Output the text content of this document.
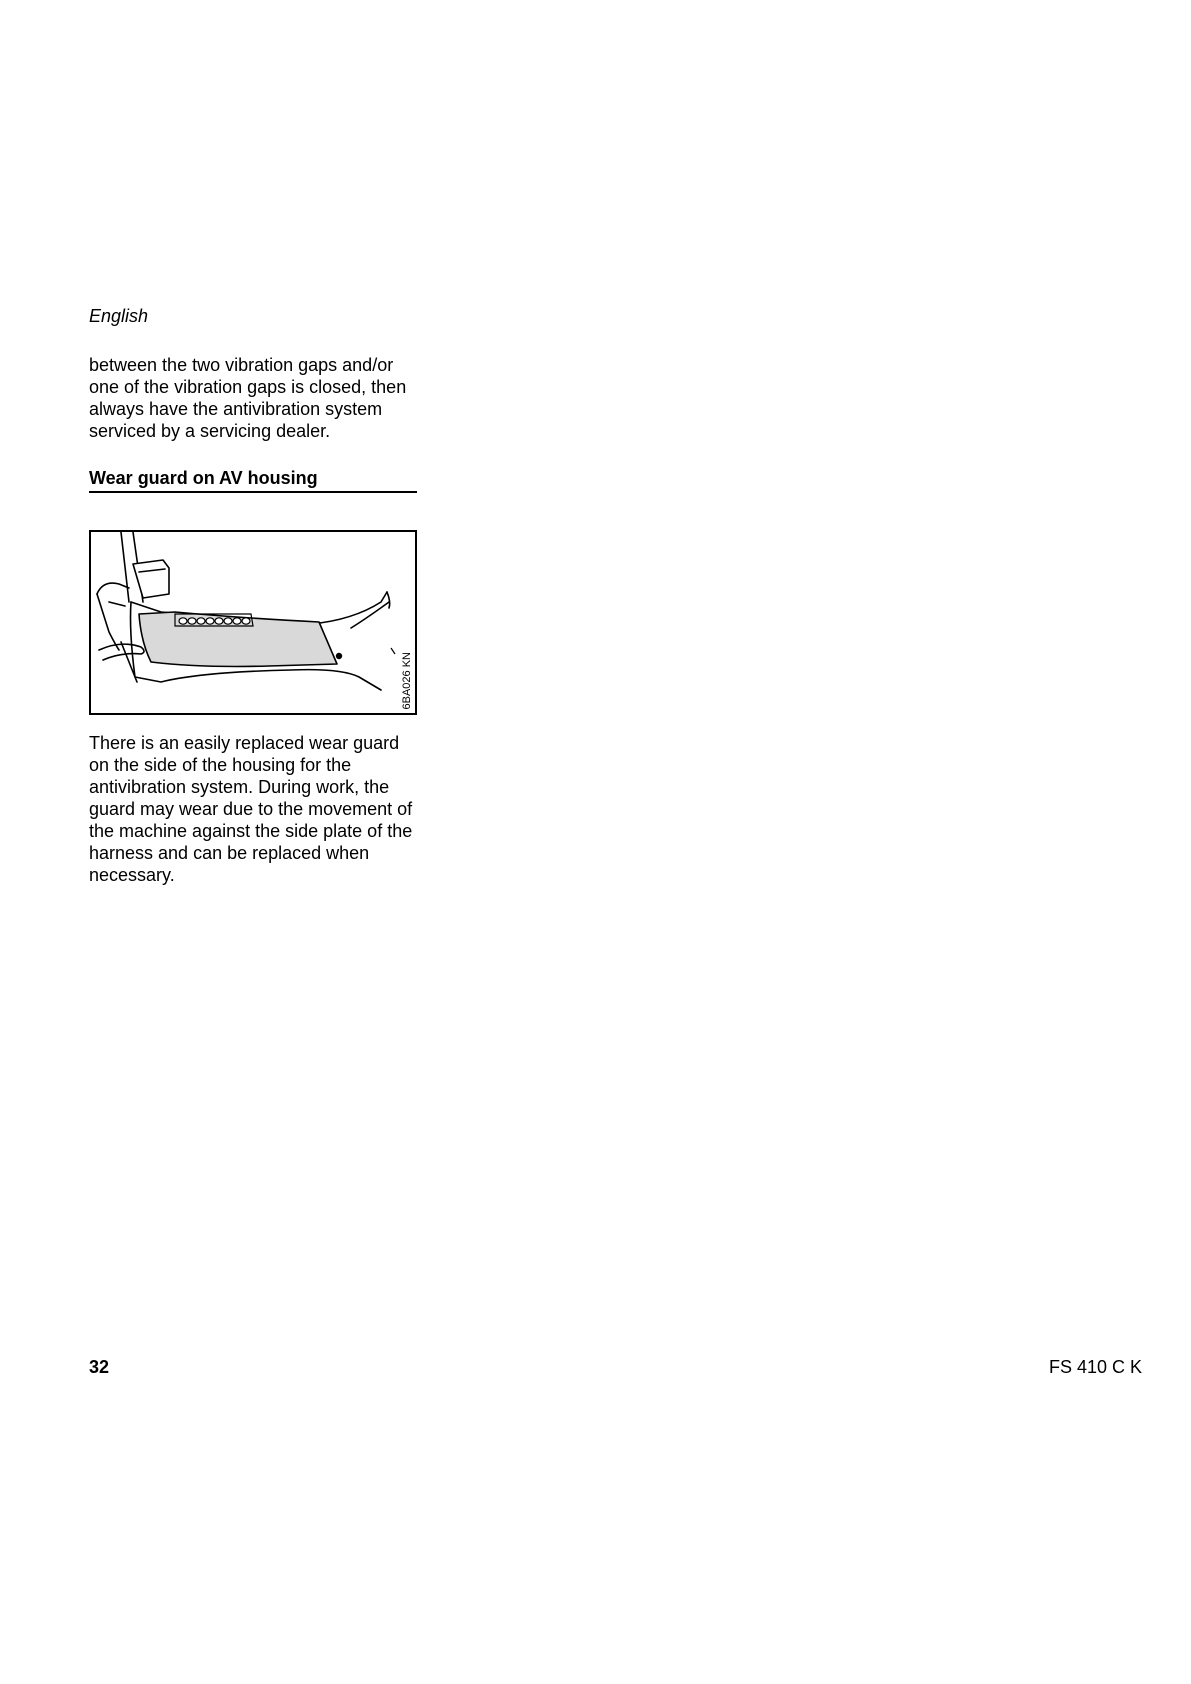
English

between the two vibration gaps and/or one of the vibration gaps is closed, then always have the antivibration system serviced by a servicing dealer.

Wear guard on AV housing
6BA026 KN

There is an easily replaced wear guard on the side of the housing for the antivibration system. During work, the guard may wear due to the movement of the machine against the side plate of the harness and can be replaced when necessary.

32	FS 410 C K
